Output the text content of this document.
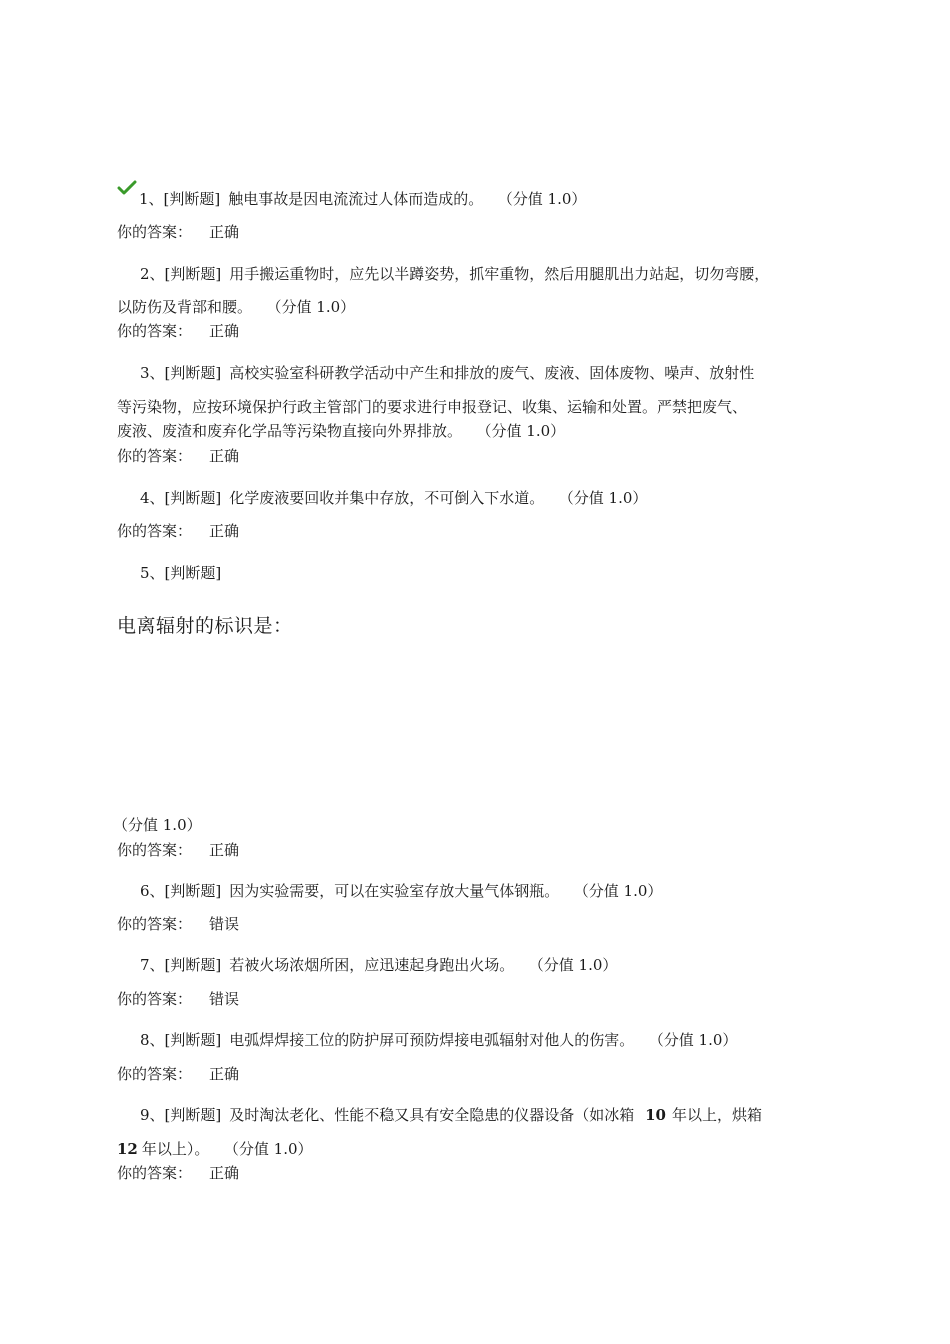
1、[判断题] 触电事故是因电流流过人体而造成的。 （分值 1.0）
你的答案： 正确
2、[判断题] 用手搬运重物时，应先以半蹲姿势，抓牢重物，然后用腿肌出力站起，切勿弯腰，
以防伤及背部和腰。 （分值 1.0）
你的答案： 正确
3、[判断题] 高校实验室科研教学活动中产生和排放的废气、废液、固体废物、噪声、放射性
等污染物，应按环境保护行政主管部门的要求进行申报登记、收集、运输和处置。严禁把废气、
废液、废渣和废弃化学品等污染物直接向外界排放。 （分值 1.0）
你的答案： 正确
4、[判断题] 化学废液要回收并集中存放，不可倒入下水道。 （分值 1.0）
你的答案： 正确
5、[判断题]
电离辐射的标识是：
（分值 1.0）
你的答案： 正确
6、[判断题] 因为实验需要，可以在实验室存放大量气体钢瓶。 （分值 1.0）
你的答案： 错误
7、[判断题] 若被火场浓烟所困，应迅速起身跑出火场。 （分值 1.0）
你的答案： 错误
8、[判断题] 电弧焊焊接工位的防护屏可预防焊接电弧辐射对他人的伤害。 （分值 1.0）
你的答案： 正确
9、[判断题] 及时淘汰老化、性能不稳又具有安全隐患的仪器设备（如冰箱 10 年以上，烘箱
12 年以上）。 （分值 1.0）
你的答案： 正确
